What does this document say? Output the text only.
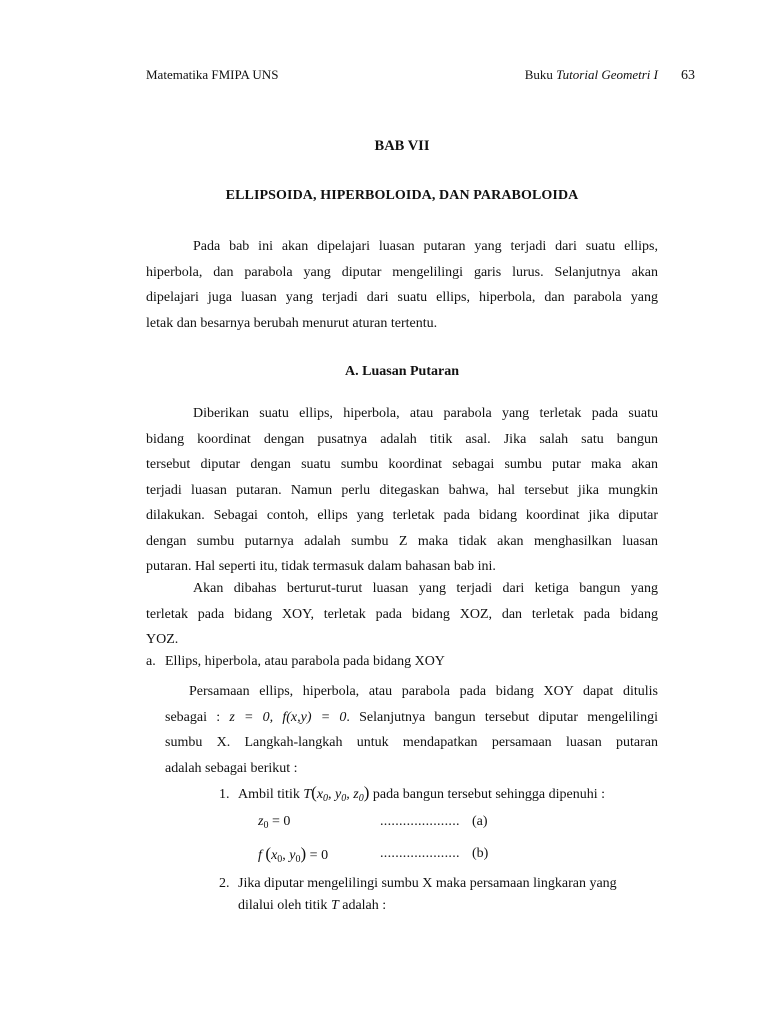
Matematika FMIPA UNS	Buku Tutorial Geometri I 63
BAB VII
ELLIPSOIDA, HIPERBOLOIDA, DAN PARABOLOIDA
Pada bab ini akan dipelajari luasan putaran yang terjadi dari suatu ellips,
hiperbola, dan parabola yang diputar mengelilingi garis lurus. Selanjutnya akan
dipelajari juga luasan yang terjadi dari suatu ellips, hiperbola, dan parabola yang
letak dan besarnya berubah menurut aturan tertentu.
A. Luasan Putaran
Diberikan suatu ellips, hiperbola, atau parabola yang terletak pada suatu
bidang koordinat dengan pusatnya adalah titik asal. Jika salah satu bangun
tersebut diputar dengan suatu sumbu koordinat sebagai sumbu putar maka akan
terjadi luasan putaran. Namun perlu ditegaskan bahwa, hal tersebut jika mungkin
dilakukan. Sebagai contoh, ellips yang terletak pada bidang koordinat jika diputar
dengan sumbu putarnya adalah sumbu Z maka tidak akan menghasilkan luasan
putaran. Hal seperti itu, tidak termasuk dalam bahasan bab ini.
Akan dibahas berturut-turut luasan yang terjadi dari ketiga bangun yang
terletak pada bidang XOY, terletak pada bidang XOZ, dan terletak pada bidang
YOZ.
a. Ellips, hiperbola, atau parabola pada bidang XOY
Persamaan ellips, hiperbola, atau parabola pada bidang XOY dapat ditulis
sebagai : z = 0, f(x,y) = 0. Selanjutnya bangun tersebut diputar mengelilingi
sumbu X. Langkah-langkah untuk mendapatkan persamaan luasan putaran
adalah sebagai berikut :
1. Ambil titik $T(x_0$, $y_0$, $z_0$) pada bangun tersebut sehingga dipenuhi :
$z_0 = 0$	..................... (a)
f ($x_0$, $y_0) = 0$	..................... (b)
2. Jika diputar mengelilingi sumbu X maka persamaan lingkaran yang
dilalui oleh titik T adalah :
